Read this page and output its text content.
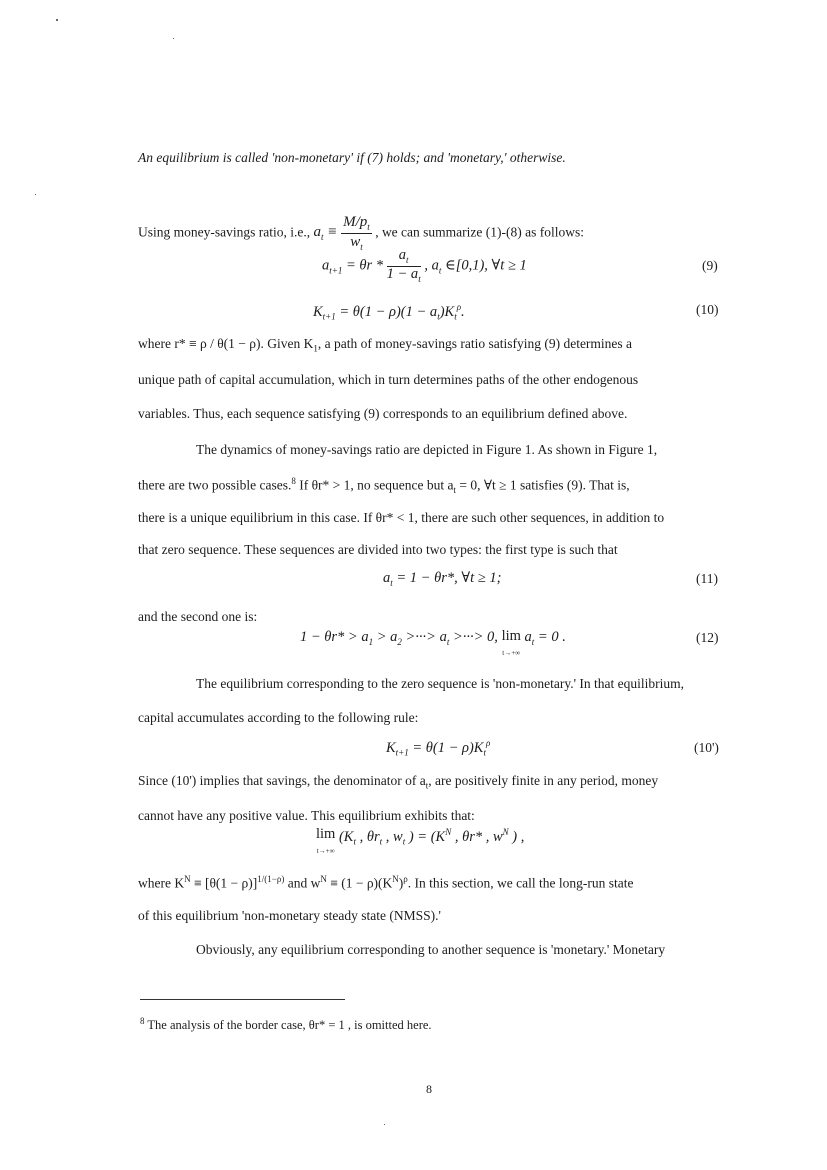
An equilibrium is called 'non-monetary' if (7) holds; and 'monetary,' otherwise.
Using money-savings ratio, i.e., $a_t \equiv \frac{M/p_t}{w_t}$ , we can summarize (1)-(8) as follows:
$a_{t+1} = \theta r * \frac{a_t}{1 - a_t}$ , $a_t$ ∈[0,1), ∀t ≥ 1	(9)
$K_{t+1} = \theta(1 - \rho)(1 - a_t)K_t^\rho$.	(10)
where r* ≡ ρ / θ(1 − ρ). Given $K_1$, a path of money-savings ratio satisfying (9) determines a
unique path of capital accumulation, which in turn determines paths of the other endogenous
variables. Thus, each sequence satisfying (9) corresponds to an equilibrium defined above.
The dynamics of money-savings ratio are depicted in Figure 1. As shown in Figure 1,
there are two possible cases.$^8$ If θr* > 1, no sequence but $a_t = 0$, ∀t ≥ 1 satisfies (9). That is,
there is a unique equilibrium in this case. If θr* < 1, there are such other sequences, in addition to
that zero sequence. These sequences are divided into two types: the first type is such that
$a_t = 1 - \theta r*$, ∀t ≥ 1;	(11)
and the second one is:
$1 - \theta r* > a_1 > a_2$ >···> $a_t$ >···> 0, lim
t→+∞ $a_t = 0$ .	(12)
The equilibrium corresponding to the zero sequence is 'non-monetary.' In that equilibrium,
capital accumulates according to the following rule:
$K_{t+1} = \theta(1 - \rho)K_t^\rho$	(10')
Since (10') implies that savings, the denominator of $a_t$, are positively finite in any period, money
cannot have any positive value. This equilibrium exhibits that:
lim
t→+∞ ($K_t$ , $\theta r_t$ , $w_t$ ) = ($K^N$ , θr* , $w^N$ ) ,
where $K^N \equiv [\theta(1 - \rho)]^{1/(1-\rho)}$ and $w^N \equiv (1 - \rho)(K^N)^\rho$. In this section, we call the long-run state
of this equilibrium 'non-monetary steady state (NMSS).'
Obviously, any equilibrium corresponding to another sequence is 'monetary.' Monetary
$^8$ The analysis of the border case, θr* = 1 , is omitted here.
8
